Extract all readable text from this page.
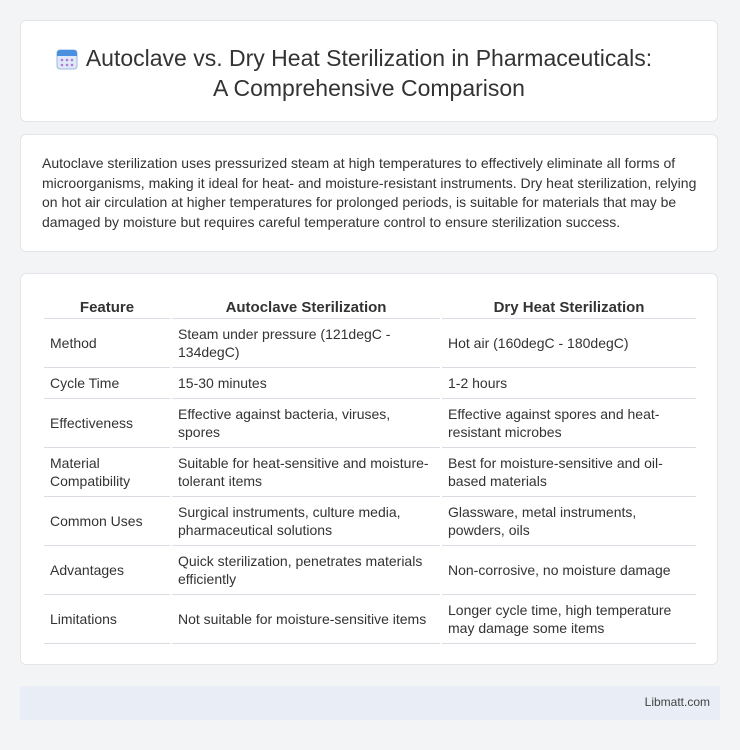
Autoclave vs. Dry Heat Sterilization in Pharmaceuticals:
A Comprehensive Comparison
Autoclave sterilization uses pressurized steam at high temperatures to effectively eliminate all forms of microorganisms, making it ideal for heat- and moisture-resistant instruments. Dry heat sterilization, relying on hot air circulation at higher temperatures for prolonged periods, is suitable for materials that may be damaged by moisture but requires careful temperature control to ensure sterilization success.
Feature	Autoclave Sterilization	Dry Heat Sterilization
Method	Steam under pressure (121degC - 134degC)	Hot air (160degC - 180degC)
Cycle Time	15-30 minutes	1-2 hours
Effectiveness	Effective against bacteria, viruses, spores	Effective against spores and heat-resistant microbes
Material Compatibility	Suitable for heat-sensitive and moisture-tolerant items	Best for moisture-sensitive and oil-based materials
Common Uses	Surgical instruments, culture media, pharmaceutical solutions	Glassware, metal instruments, powders, oils
Advantages	Quick sterilization, penetrates materials efficiently	Non-corrosive, no moisture damage
Limitations	Not suitable for moisture-sensitive items	Longer cycle time, high temperature may damage some items
Libmatt.com
